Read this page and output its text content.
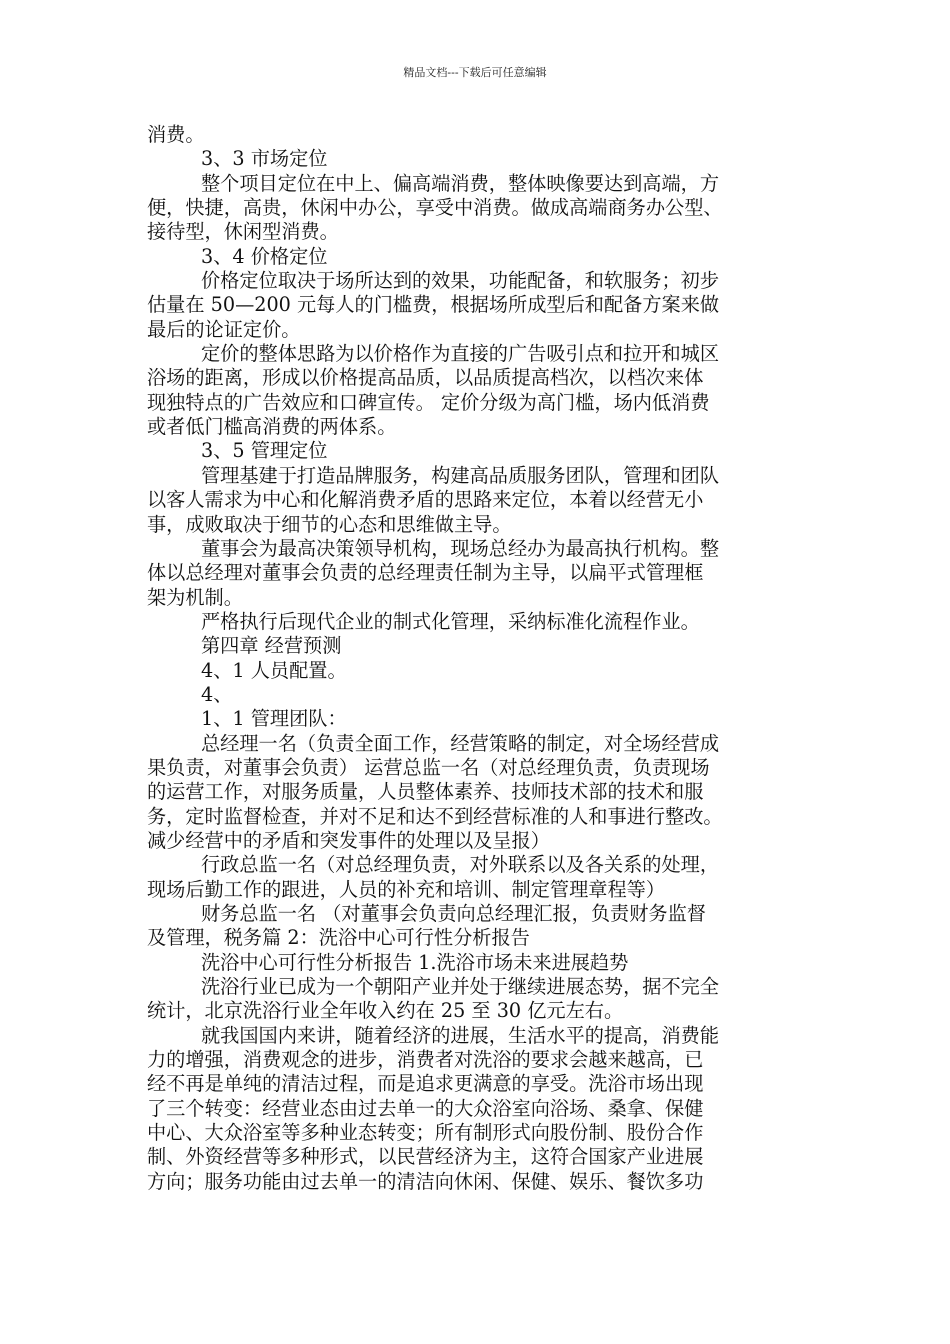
精品文档---下载后可任意编辑
消费。
3、3 市场定位
整个项目定位在中上、偏高端消费，整体映像要达到高端，方
便，快捷，高贵，休闲中办公，享受中消费。做成高端商务办公型、
接待型，休闲型消费。
3、4 价格定位
价格定位取决于场所达到的效果，功能配备，和软服务；初步
估量在 50—200 元每人的门槛费，根据场所成型后和配备方案来做
最后的论证定价。
定价的整体思路为以价格作为直接的广告吸引点和拉开和城区
浴场的距离，形成以价格提高品质，以品质提高档次，以档次来体
现独特点的广告效应和口碑宣传。 定价分级为高门槛，场内低消费
或者低门槛高消费的两体系。
3、5 管理定位
管理基建于打造品牌服务，构建高品质服务团队，管理和团队
以客人需求为中心和化解消费矛盾的思路来定位，本着以经营无小
事，成败取决于细节的心态和思维做主导。
董事会为最高决策领导机构，现场总经办为最高执行机构。整
体以总经理对董事会负责的总经理责任制为主导，以扁平式管理框
架为机制。
严格执行后现代企业的制式化管理，采纳标准化流程作业。
第四章 经营预测
4、1 人员配置。
4、
1、1 管理团队：
总经理一名（负责全面工作，经营策略的制定，对全场经营成
果负责，对董事会负责） 运营总监一名（对总经理负责，负责现场
的运营工作，对服务质量，人员整体素养、技师技术部的技术和服
务，定时监督检查，并对不足和达不到经营标准的人和事进行整改。
减少经营中的矛盾和突发事件的处理以及呈报）
行政总监一名（对总经理负责，对外联系以及各关系的处理，
现场后勤工作的跟进，人员的补充和培训、制定管理章程等）
财务总监一名 （对董事会负责向总经理汇报，负责财务监督
及管理，税务篇 2：洗浴中心可行性分析报告
洗浴中心可行性分析报告 1.洗浴市场未来进展趋势
洗浴行业已成为一个朝阳产业并处于继续进展态势，据不完全
统计，北京洗浴行业全年收入约在 25 至 30 亿元左右。
就我国国内来讲，随着经济的进展，生活水平的提高，消费能
力的增强，消费观念的进步，消费者对洗浴的要求会越来越高，已
经不再是单纯的清洁过程，而是追求更满意的享受。洗浴市场出现
了三个转变：经营业态由过去单一的大众浴室向浴场、桑拿、保健
中心、大众浴室等多种业态转变；所有制形式向股份制、股份合作
制、外资经营等多种形式，以民营经济为主，这符合国家产业进展
方向；服务功能由过去单一的清洁向休闲、保健、娱乐、餐饮多功
